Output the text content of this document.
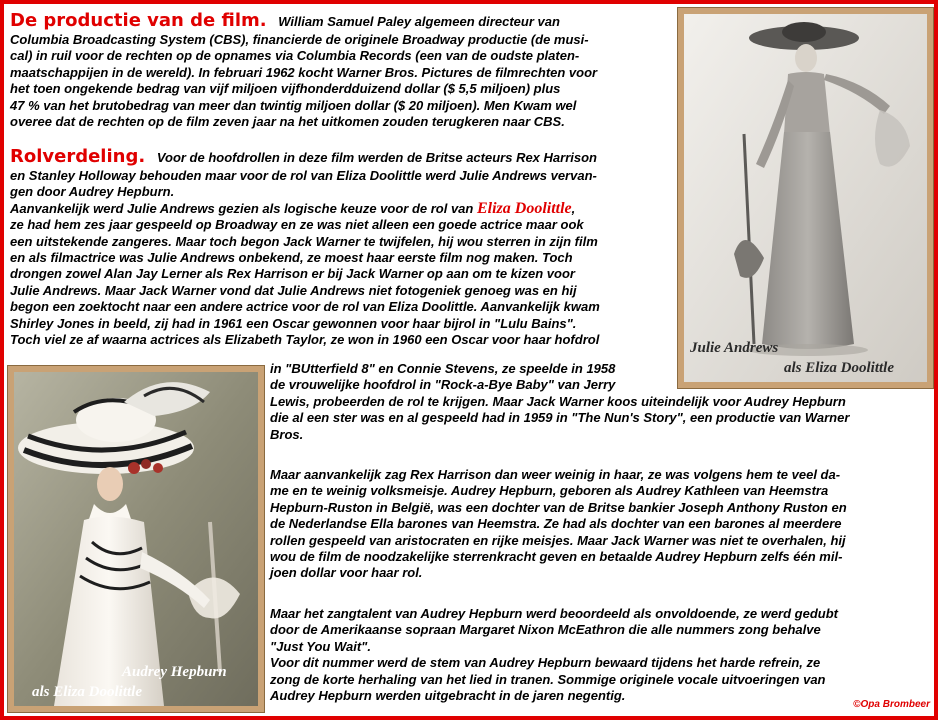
De productie van de film. William Samuel Paley algemeen directeur van
Columbia Broadcasting System (CBS), financierde de originele Broadway productie (de musi-
cal) in ruil voor de rechten op de opnames via Columbia Records (een van de oudste platen-
maatschappijen in de wereld). In februari 1962 kocht Warner Bros. Pictures de filmrechten voor
het toen ongekende bedrag van vijf miljoen vijfhonderdduizend dollar ($ 5,5 miljoen) plus
47 % van het brutobedrag van meer dan twintig miljoen dollar ($ 20 miljoen). Men Kwam wel
overee dat de rechten op de film zeven jaar na het uitkomen zouden terugkeren naar CBS.
Rolverdeling. Voor de hoofdrollen in deze film werden de Britse acteurs Rex Harrison
en Stanley Holloway behouden maar voor de rol van Eliza Doolittle werd Julie Andrews vervan-
gen door Audrey Hepburn.
Aanvankelijk werd Julie Andrews gezien als logische keuze voor de rol van Eliza Doolittle,
ze had hem zes jaar gespeeld op Broadway en ze was niet alleen een goede actrice maar ook
een uitstekende zangeres. Maar toch begon Jack Warner te twijfelen, hij wou sterren in zijn film
en als filmactrice was Julie Andrews onbekend, ze moest haar eerste film nog maken. Toch
drongen zowel Alan Jay Lerner als Rex Harrison er bij Jack Warner op aan om te kizen voor
Julie Andrews. Maar Jack Warner vond dat Julie Andrews niet fotogeniek genoeg was en hij
begon een zoektocht naar een andere actrice voor de rol van Eliza Doolittle. Aanvankelijk kwam
Shirley Jones in beeld, zij had in 1961 een Oscar gewonnen voor haar bijrol in "Lulu Bains".
Toch viel ze af waarna actrices als Elizabeth Taylor, ze won in 1960 een Oscar voor haar hofdrol
in "BUtterfield 8" en Connie Stevens, ze speelde in 1958
de vrouwelijke hoofdrol in "Rock-a-Bye Baby" van Jerry
Lewis, probeerden de rol te krijgen. Maar Jack Warner koos uiteindelijk voor Audrey Hepburn
die al een ster was en al gespeeld had in 1959 in "The Nun's Story", een productie van Warner
Bros.
Maar aanvankelijk zag Rex Harrison dan weer weinig in haar, ze was volgens hem te veel da-
me en te weinig volksmeisje. Audrey Hepburn, geboren als Audrey Kathleen van Heemstra
Hepburn-Ruston in België, was een dochter van de Britse bankier Joseph Anthony Ruston en
de Nederlandse Ella barones van Heemstra. Ze had als dochter van een barones al meerdere
rollen gespeeld van aristocraten en rijke meisjes. Maar Jack Warner was niet te overhalen, hij
wou de film de noodzakelijke sterrenkracht geven en betaalde Audrey Hepburn zelfs één mil-
joen dollar voor haar rol.
Maar het zangtalent van Audrey Hepburn werd beoordeeld als onvoldoende, ze werd gedubt
door de Amerikaanse sopraan Margaret Nixon McEathron die alle nummers zong behalve
"Just You Wait".
Voor dit nummer werd de stem van Audrey Hepburn bewaard tijdens het harde refrein, ze
zong de korte herhaling van het lied in tranen. Sommige originele vocale uitvoeringen van
Audrey Hepburn werden uitgebracht in de jaren negentig.
Julie Andrews
als Eliza Doolittle
Audrey Hepburn
als Eliza Doolittle
©Opa Brombeer
